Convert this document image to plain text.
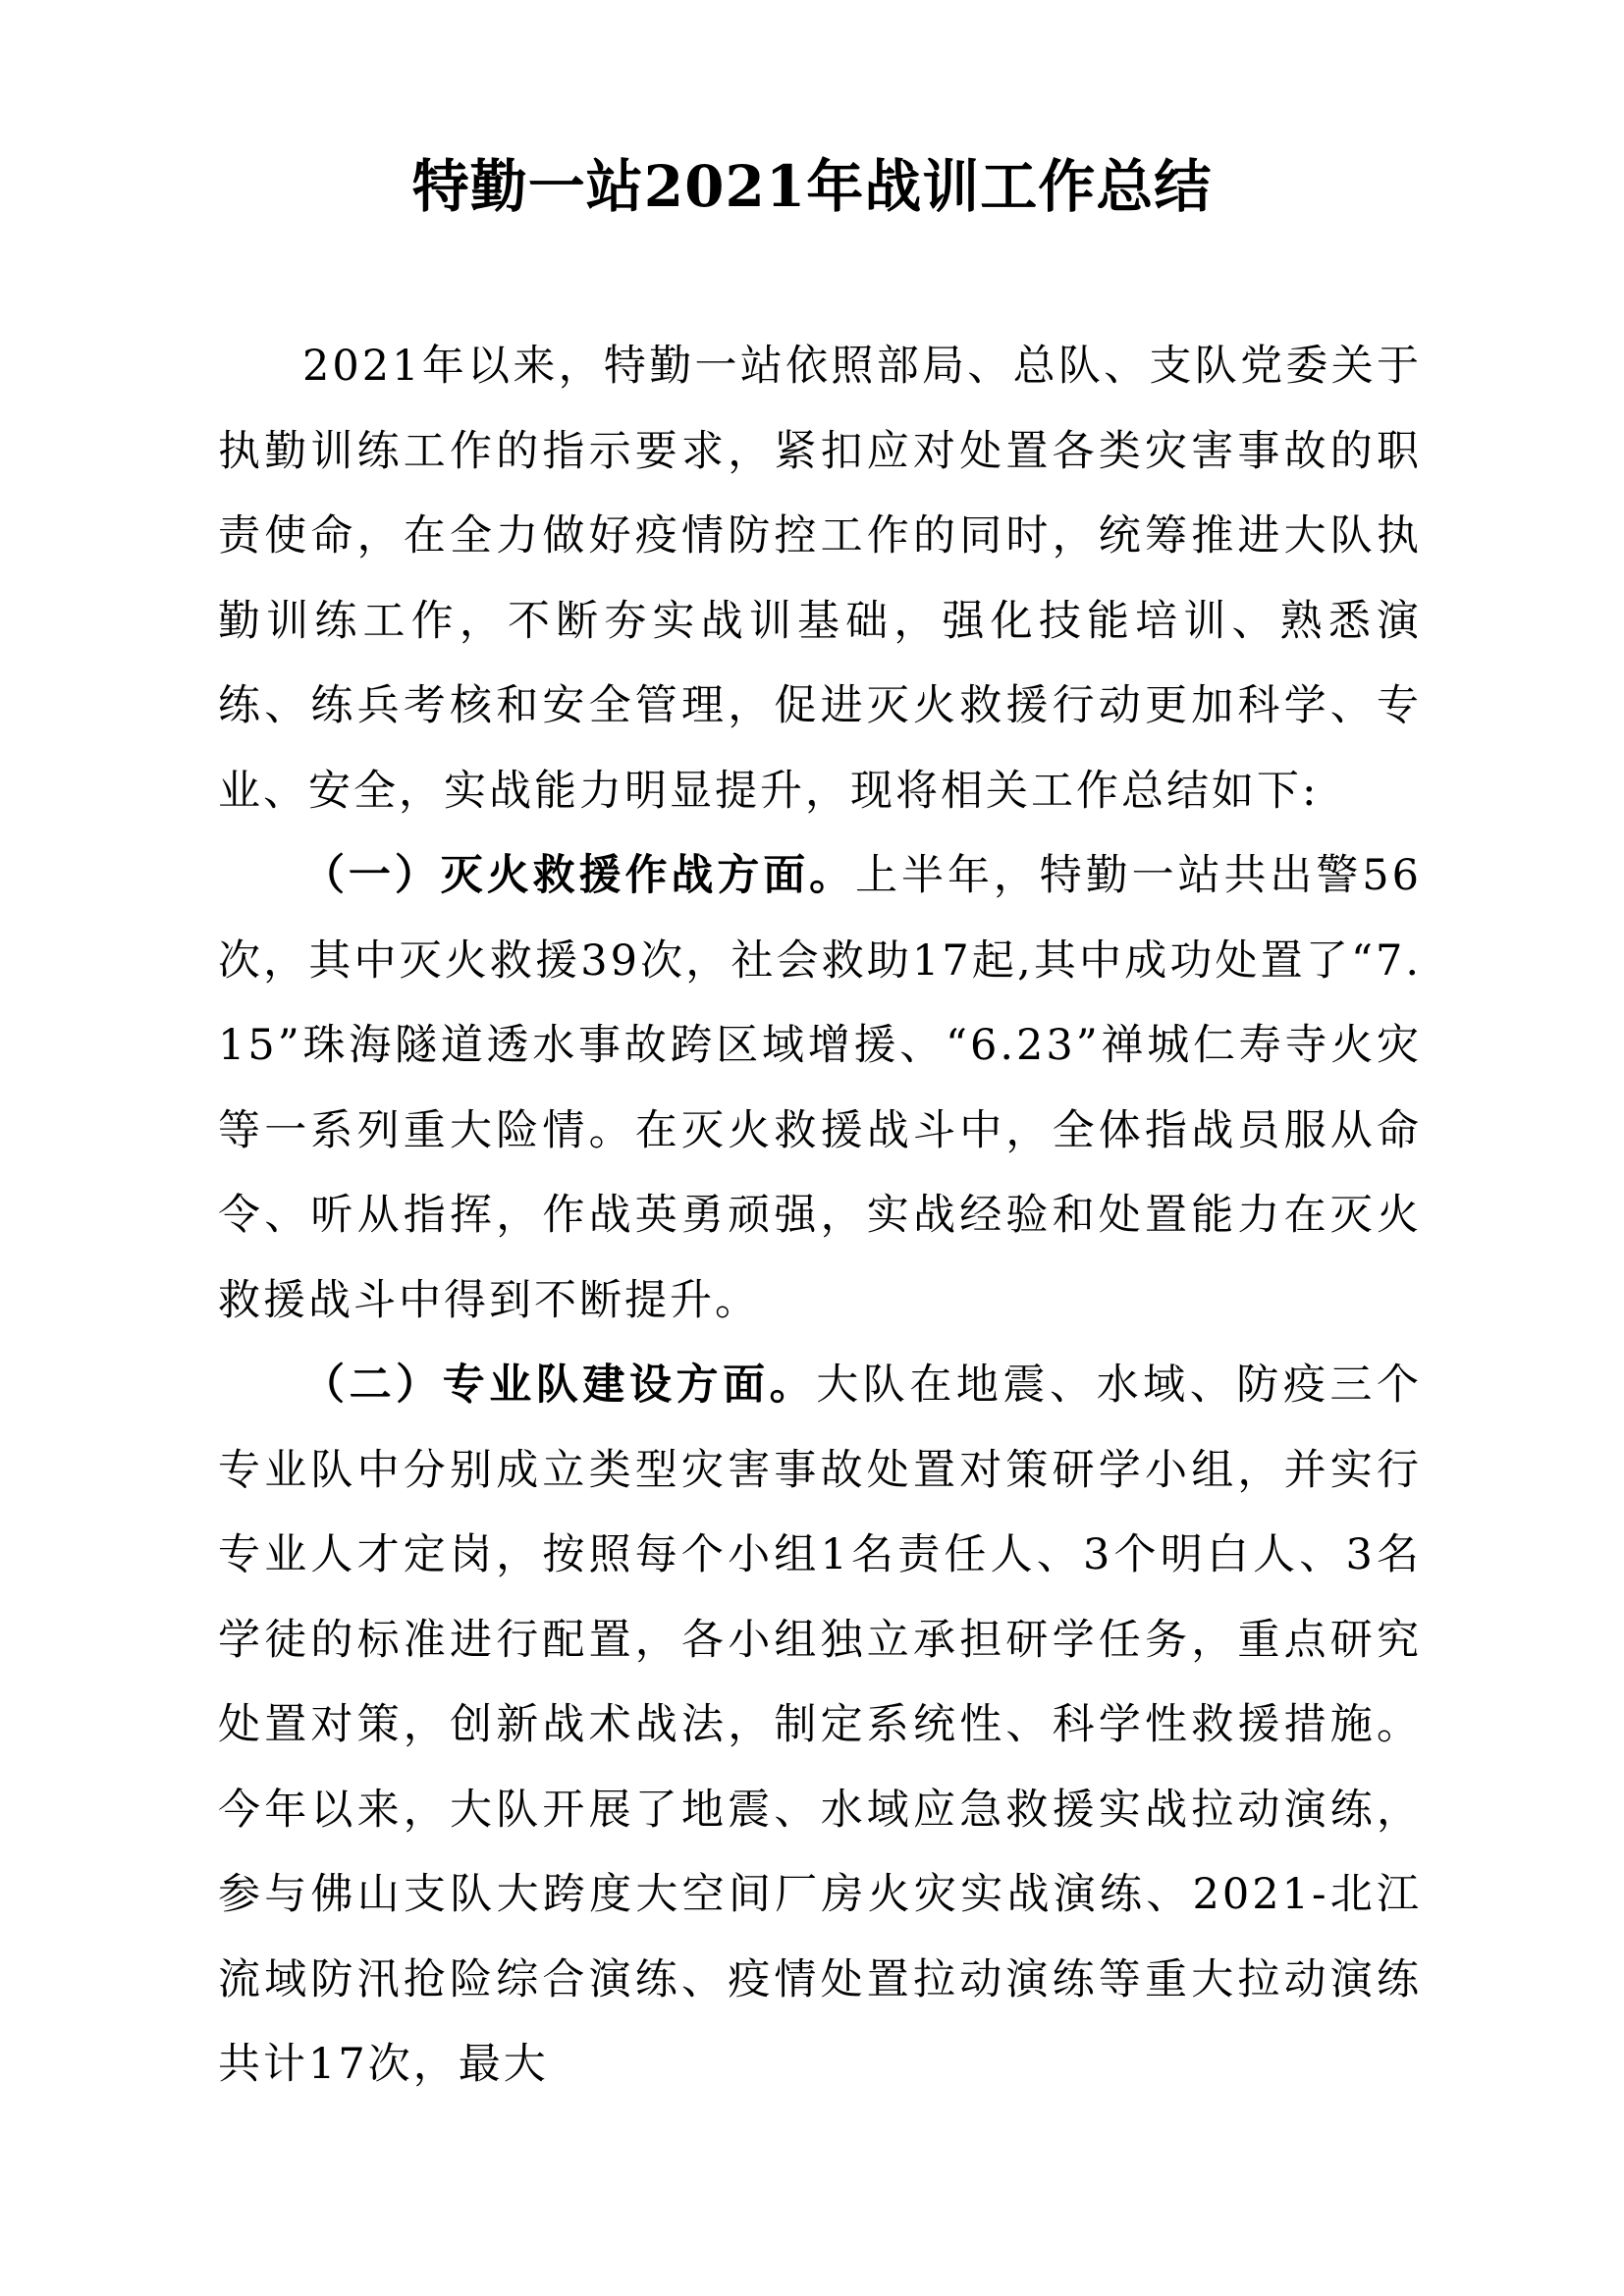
特勤一站2021年战训工作总结

2021年以来，特勤一站依照部局、总队、支队党委关于执勤训练工作的指示要求，紧扣应对处置各类灾害事故的职责使命，在全力做好疫情防控工作的同时，统筹推进大队执勤训练工作，不断夯实战训基础，强化技能培训、熟悉演练、练兵考核和安全管理，促进灭火救援行动更加科学、专业、安全，实战能力明显提升，现将相关工作总结如下:

（一）灭火救援作战方面。上半年，特勤一站共出警56次，其中灭火救援39次，社会救助17起,其中成功处置了“7.15”珠海隧道透水事故跨区域增援、“6.23”禅城仁寿寺火灾等一系列重大险情。在灭火救援战斗中，全体指战员服从命令、听从指挥，作战英勇顽强，实战经验和处置能力在灭火救援战斗中得到不断提升。

（二）专业队建设方面。大队在地震、水域、防疫三个专业队中分别成立类型灾害事故处置对策研学小组，并实行专业人才定岗，按照每个小组1名责任人、3个明白人、3名学徒的标准进行配置，各小组独立承担研学任务，重点研究处置对策，创新战术战法，制定系统性、科学性救援措施。今年以来，大队开展了地震、水域应急救援实战拉动演练，参与佛山支队大跨度大空间厂房火灾实战演练、2021-北江流域防汛抢险综合演练、疫情处置拉动演练等重大拉动演练共计17次，最大
